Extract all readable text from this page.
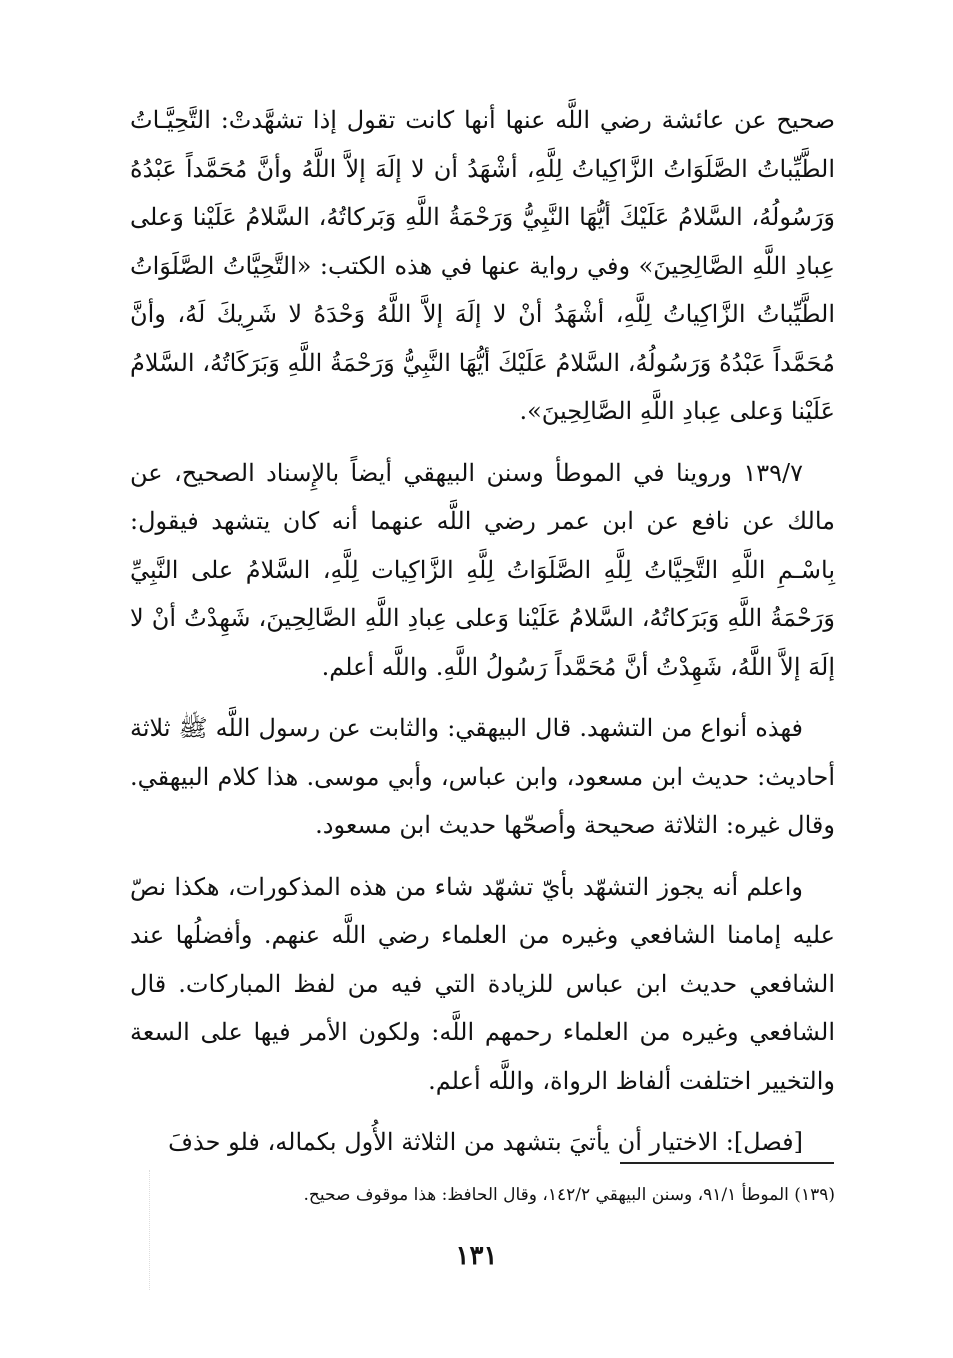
صحيح عن عائشة رضي اللَّه عنها أنها كانت تقول إذا تشهَّدتْ: التَّحِيَّـاتُ الطَّيِّباتُ الصَّلَوَاتُ الزَّاكِياتُ لِلَّهِ، أشْهَدُ أن لا إلَهَ إلاَّ اللَّهُ وأنَّ مُحَمَّداً عَبْدُهُ وَرَسُولُهُ، السَّلامُ عَلَيْكَ أيُّهَا النَّبِيُّ وَرَحْمَةُ اللَّهِ وَبَركاتُهُ، السَّلامُ عَلَيْنا وَعلى عِبادِ اللَّهِ الصَّالِحِينَ» وفي رواية عنها في هذه الكتب: «التَّحِيَّاتُ الصَّلَوَاتُ الطَّيِّباتُ الزَّاكِياتُ لِلَّهِ، أشْهَدُ أنْ لا إلَهَ إلاَّ اللَّهُ وَحْدَهُ لا شَرِيكَ لَهُ، وأنَّ مُحَمَّداً عَبْدُهُ وَرَسُولُهُ، السَّلامُ عَلَيْكَ أيُّهَا النَّبِيُّ وَرَحْمَةُ اللَّهِ وَبَرَكَاتُهُ، السَّلامُ عَلَيْنا وَعلى عِبادِ اللَّهِ الصَّالِحِينَ».

١٣٩/٧ وروينا في الموطأ وسنن البيهقي أيضاً بالإِسناد الصحيح، عن مالك عن نافع عن ابن عمر رضي اللَّه عنهما أنه كان يتشهد فيقول: بِاسْـمِ اللَّهِ التَّحِيَّاتُ لِلَّهِ الصَّلَوَاتُ لِلَّهِ الزَّاكِيات لِلَّهِ، السَّلامُ على النَّبِيِّ وَرَحْمَةُ اللَّهِ وَبَرَكاتُهُ، السَّلامُ عَلَيْنا وَعلى عِبادِ اللَّهِ الصَّالِحِينَ، شَهِدْتُ أنْ لا إلَهَ إلاَّ اللَّهُ، شَهِدْتُ أنَّ مُحَمَّداً رَسُولُ اللَّهِ. واللَّه أعلم.

فهذه أنواع من التشهد. قال البيهقي: والثابت عن رسول اللَّه ﷺ ثلاثة أحاديث: حديث ابن مسعود، وابن عباس، وأبي موسى. هذا كلام البيهقي. وقال غيره: الثلاثة صحيحة وأصحّها حديث ابن مسعود.

واعلم أنه يجوز التشهّد بأيّ تشهّد شاء من هذه المذكورات، هكذا نصّ عليه إمامنا الشافعي وغيره من العلماء رضي اللَّه عنهم. وأفضلُها عند الشافعي حديث ابن عباس للزيادة التي فيه من لفظ المباركات. قال الشافعي وغيره من العلماء رحمهم اللَّه: ولكون الأمر فيها على السعة والتخيير اختلفت ألفاظ الرواة، واللَّه أعلم.

[فصل]: الاختيار أن يأتيَ بتشهد من الثلاثة الأُول بكماله، فلو حذفَ

(١٣٩) الموطأ ٩١/١، وسنن البيهقي ١٤٢/٢، وقال الحافظ: هذا موقوف صحيح.

١٣١
